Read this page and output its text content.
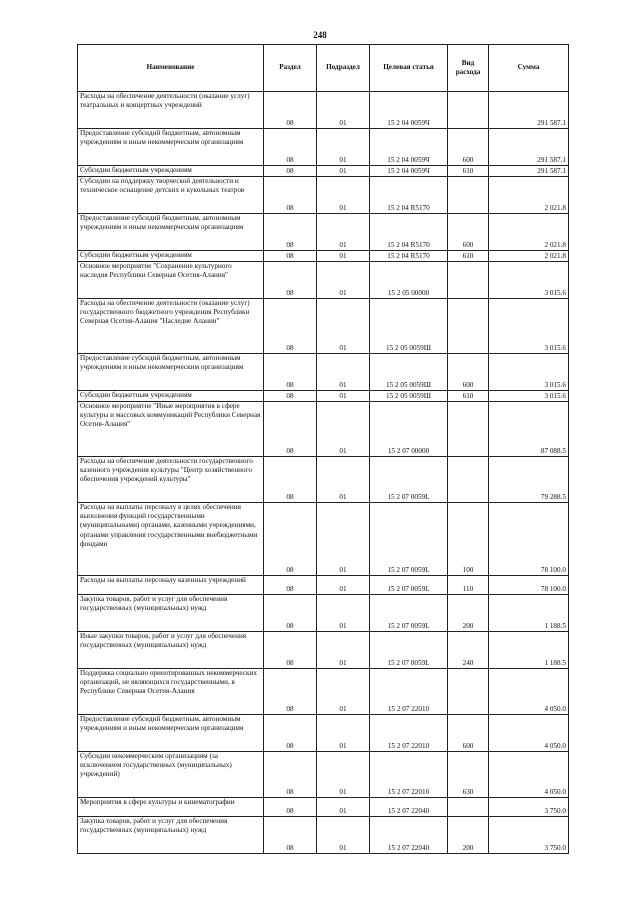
248
Наименование	Раздел	Подраздел	Целевая статья	Вид расхода	Сумма
Расходы на обеспечение деятельности (оказание услуг) театральных и концертных учреждений	08	01	15 2 04 0059Ч		291 587.1
Предоставление субсидий бюджетным, автономным учреждениям и иным некоммерческим организациям	08	01	15 2 04 0059Ч	600	291 587.1
Субсидии бюджетным учреждениям	08	01	15 2 04 0059Ч	610	291 587.1
Субсидии на поддержку творческой деятельности и техническое оснащение детских и кукольных театров	08	01	15 2 04 R5170		2 021.8
Предоставление субсидий бюджетным, автономным учреждениям и иным некоммерческим организациям	08	01	15 2 04 R5170	600	2 021.8
Субсидии бюджетным учреждениям	08	01	15 2 04 R5170	610	2 021.8
Основное мероприятие "Сохранение культурного наследия Республики Северная Осетия-Алания"	08	01	15 2 05 00000		3 015.6
Расходы на обеспечение деятельности (оказание услуг) государственного бюджетного учреждения Республики Северная Осетия-Алания "Наследие Алании"	08	01	15 2 05 0059Ш		3 015.6
Предоставление субсидий бюджетным, автономным учреждениям и иным некоммерческим организациям	08	01	15 2 05 0059Ш	600	3 015.6
Субсидии бюджетным учреждениям	08	01	15 2 05 0059Ш	610	3 015.6
Основное мероприятие "Иные мероприятия в сфере культуры и массовых коммуникаций Республики Северная Осетия-Алания"	08	01	15 2 07 00000		87 088.5
Расходы на обеспечение деятельности государственного казенного учреждения культуры "Центр хозяйственного обеспечения учреждений культуры"	08	01	15 2 07 0059L		79 288.5
Расходы на выплаты персоналу в целях обеспечения выполнения функций государственными (муниципальными) органами, казенными учреждениями, органами управления государственными внебюджетными фондами	08	01	15 2 07 0059L	100	78 100.0
Расходы на выплаты персоналу казенных учреждений	08	01	15 2 07 0059L	110	78 100.0
Закупка товаров, работ и услуг для обеспечения государственных (муниципальных) нужд	08	01	15 2 07 0059L	200	1 188.5
Иные закупки товаров, работ и услуг для обеспечения государственных (муниципальных) нужд	08	01	15 2 07 0059L	240	1 188.5
Поддержка социально ориентированных некоммерческих организаций, не являющихся государственными, в Республике Северная Осетия-Алания	08	01	15 2 07 22010		4 050.0
Предоставление субсидий бюджетным, автономным учреждениям и иным некоммерческим организациям	08	01	15 2 07 22010	600	4 050.0
Субсидии некоммерческим организациям (за исключением государственных (муниципальных) учреждений)	08	01	15 2 07 22010	630	4 050.0
Мероприятия в сфере культуры и кинематографии	08	01	15 2 07 22040		3 750.0
Закупка товаров, работ и услуг для обеспечения государственных (муниципальных) нужд	08	01	15 2 07 22040	200	3 750.0
